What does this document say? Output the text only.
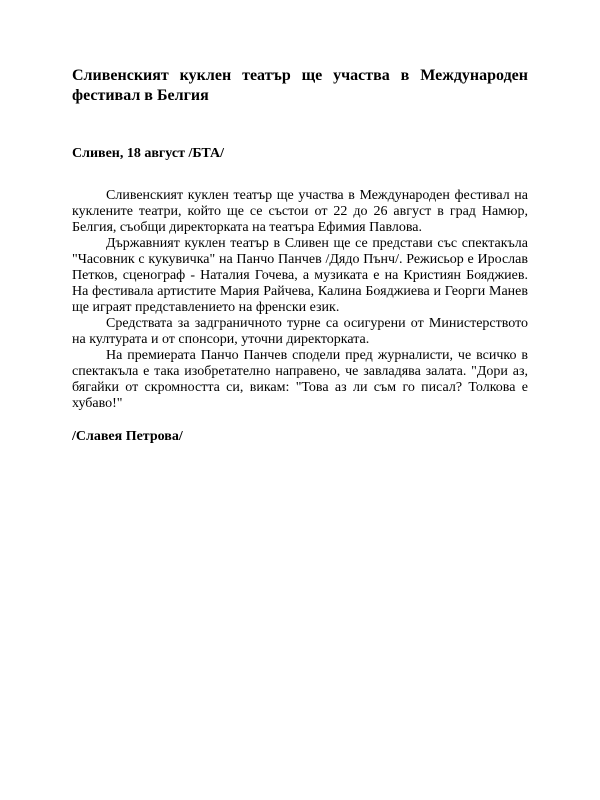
Сливенският куклен театър ще участва в Международен фестивал в Белгия

Сливен, 18 август /БТА/

Сливенският куклен театър ще участва в Международен фестивал на куклените театри, който ще се състои от 22 до 26 август в град Намюр, Белгия, съобщи директорката на театъра Ефимия Павлова.

Държавният куклен театър в Сливен ще се представи със спектакъла "Часовник с кукувичка" на Панчо Панчев /Дядо Пънч/. Режисьор е Ирослав Петков, сценограф - Наталия Гочева, а музиката е на Кристиян Бояджиев. На фестивала артистите Мария Райчева, Калина Бояджиева и Георги Манев ще играят представлението на френски език.

Средствата за задграничното турне са осигурени от Министерството на културата и от спонсори, уточни директорката.

На премиерата Панчо Панчев сподели пред журналисти, че всичко в спектакъла е така изобретателно направено, че завладява залата. "Дори аз, бягайки от скромността си, викам: "Това аз ли съм го писал? Толкова е хубаво!"

/Славея Петрова/
